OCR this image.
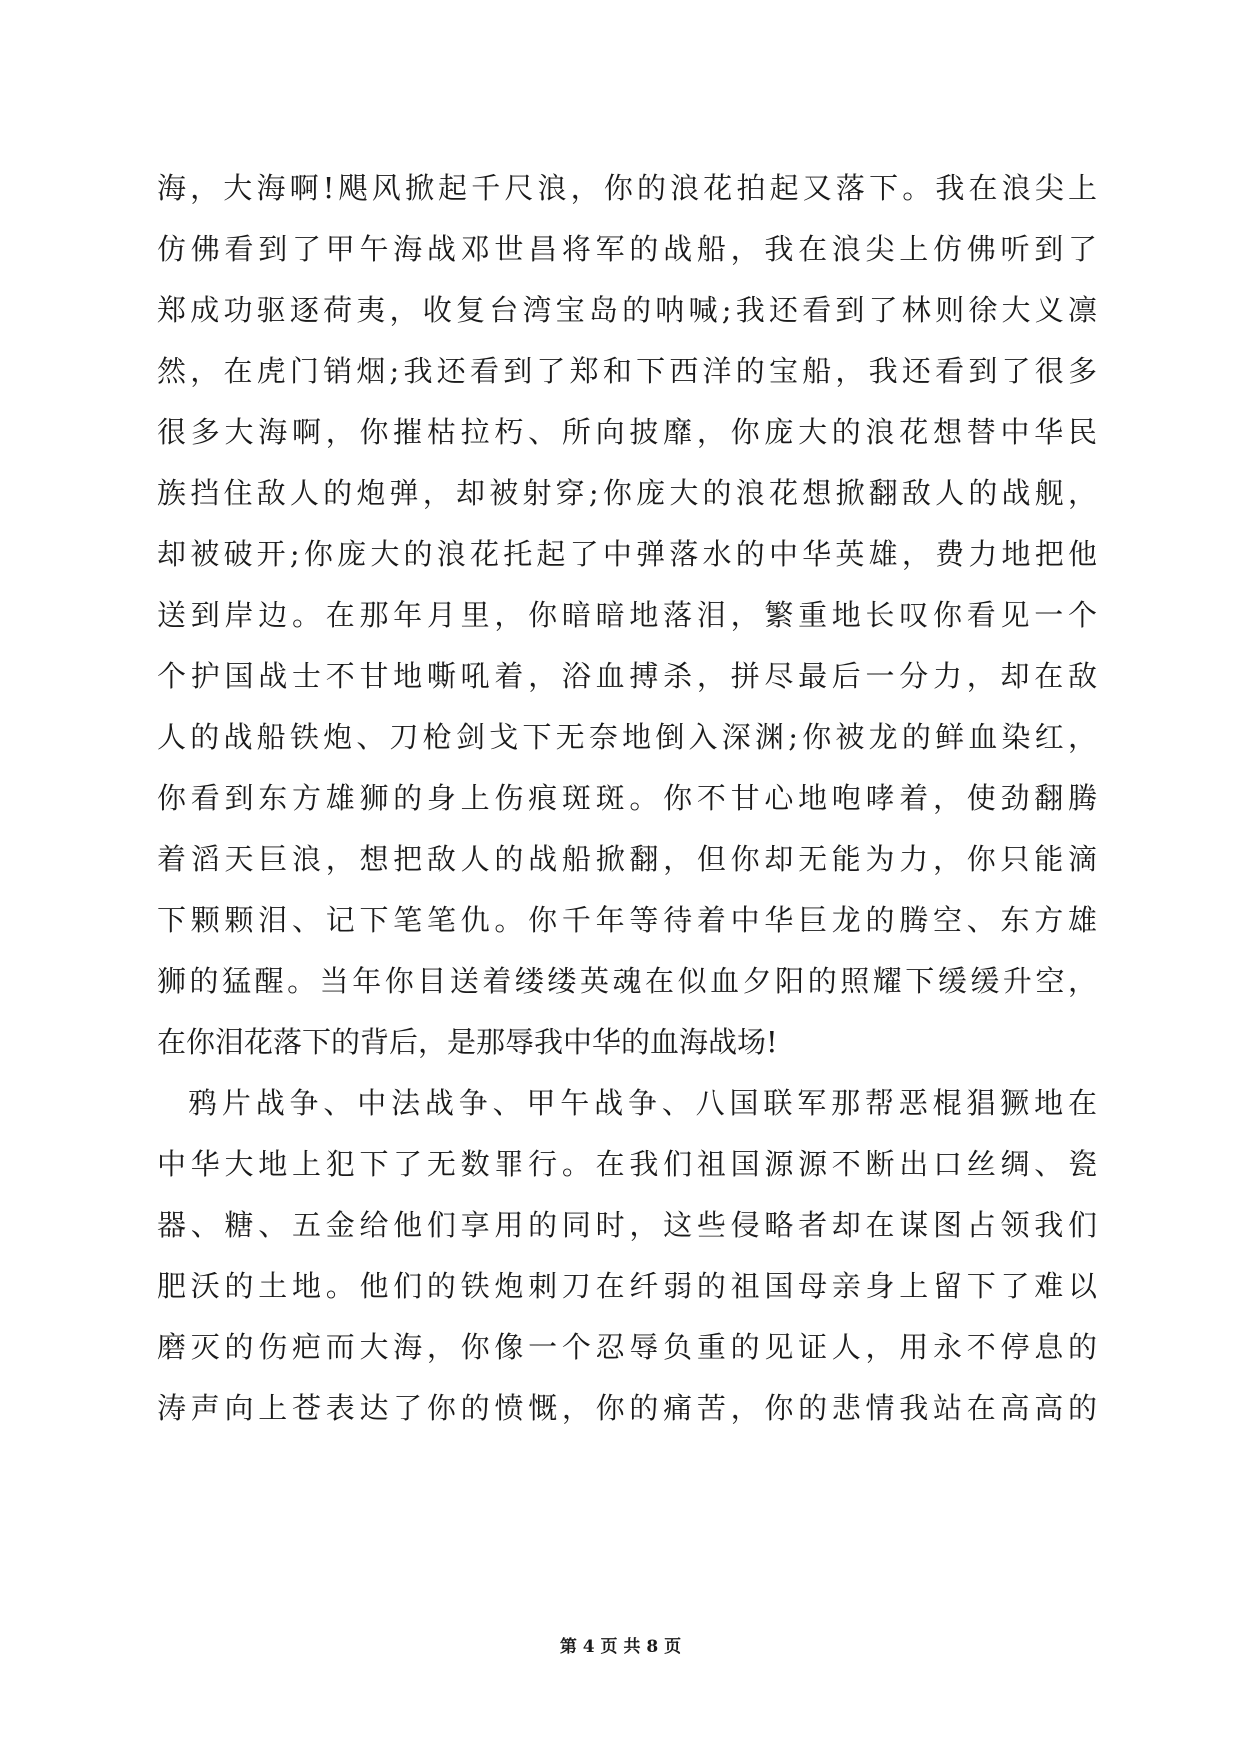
海，大海啊!飓风掀起千尺浪，你的浪花拍起又落下。我在浪尖上
仿佛看到了甲午海战邓世昌将军的战船，我在浪尖上仿佛听到了
郑成功驱逐荷夷，收复台湾宝岛的呐喊;我还看到了林则徐大义凛
然，在虎门销烟;我还看到了郑和下西洋的宝船，我还看到了很多
很多大海啊，你摧枯拉朽、所向披靡，你庞大的浪花想替中华民
族挡住敌人的炮弹，却被射穿;你庞大的浪花想掀翻敌人的战舰，
却被破开;你庞大的浪花托起了中弹落水的中华英雄，费力地把他
送到岸边。在那年月里，你暗暗地落泪，繁重地长叹你看见一个
个护国战士不甘地嘶吼着，浴血搏杀，拼尽最后一分力，却在敌
人的战船铁炮、刀枪剑戈下无奈地倒入深渊;你被龙的鲜血染红，
你看到东方雄狮的身上伤痕斑斑。你不甘心地咆哮着，使劲翻腾
着滔天巨浪，想把敌人的战船掀翻，但你却无能为力，你只能滴
下颗颗泪、记下笔笔仇。你千年等待着中华巨龙的腾空、东方雄
狮的猛醒。当年你目送着缕缕英魂在似血夕阳的照耀下缓缓升空，
在你泪花落下的背后，是那辱我中华的血海战场!
鸦片战争、中法战争、甲午战争、八国联军那帮恶棍猖獗地在
中华大地上犯下了无数罪行。在我们祖国源源不断出口丝绸、瓷
器、糖、五金给他们享用的同时，这些侵略者却在谋图占领我们
肥沃的土地。他们的铁炮刺刀在纤弱的祖国母亲身上留下了难以
磨灭的伤疤而大海，你像一个忍辱负重的见证人，用永不停息的
涛声向上苍表达了你的愤慨，你的痛苦，你的悲情我站在高高的
第 4 页 共 8 页
